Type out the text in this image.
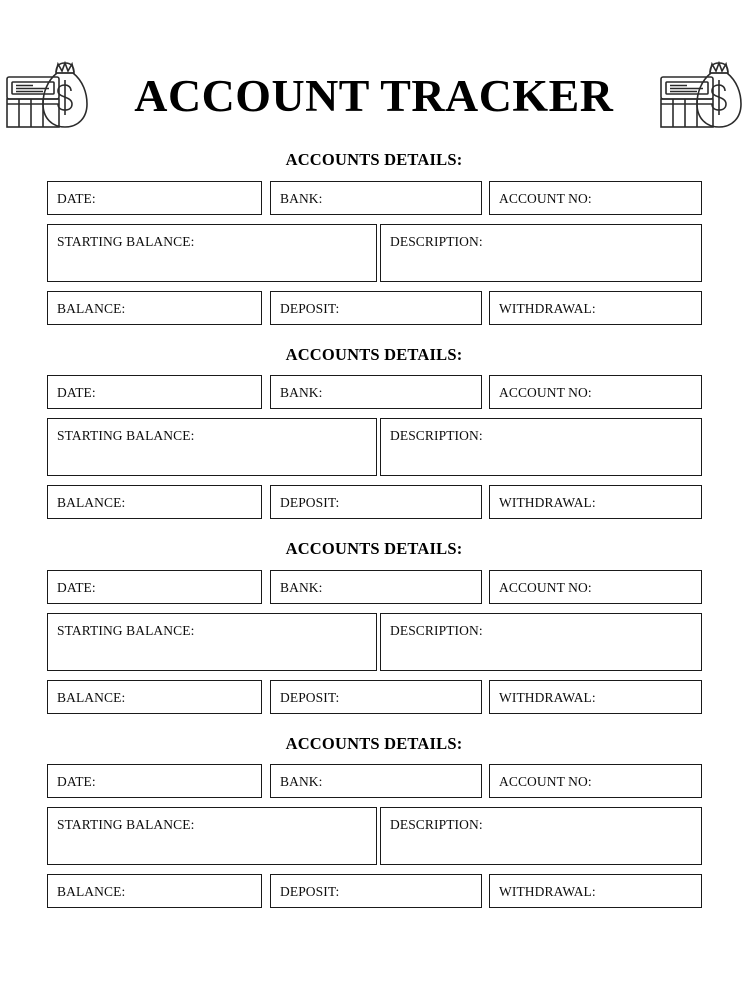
ACCOUNT TRACKER
ACCOUNTS DETAILS:
DATE:	BANK:	ACCOUNT NO:
STARTING BALANCE:	DESCRIPTION:
BALANCE:	DEPOSIT:	WITHDRAWAL:
ACCOUNTS DETAILS:
DATE:	BANK:	ACCOUNT NO:
STARTING BALANCE:	DESCRIPTION:
BALANCE:	DEPOSIT:	WITHDRAWAL:
ACCOUNTS DETAILS:
DATE:	BANK:	ACCOUNT NO:
STARTING BALANCE:	DESCRIPTION:
BALANCE:	DEPOSIT:	WITHDRAWAL:
ACCOUNTS DETAILS:
DATE:	BANK:	ACCOUNT NO:
STARTING BALANCE:	DESCRIPTION:
BALANCE:	DEPOSIT:	WITHDRAWAL:
